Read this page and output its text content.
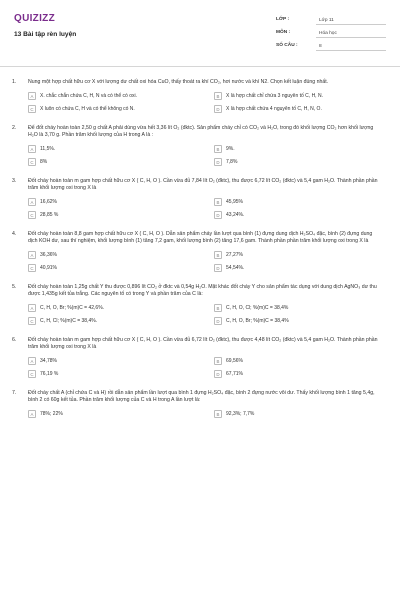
QUIZIZZ
13 Bài tập rèn luyện
LỚP :	Lớp 11
MÔN :	Hóa học
SỐ CÂU :	8
1.	Nung một hợp chất hữu cơ X với lượng dư chất oxi hóa CuO, thấy thoát ra khí CO₂, hơi nước và khí N2. Chọn kết luận đúng nhất.
A	X. chắc chắn chứa C, H, N và có thể có oxi.	B	X là hợp chất chỉ chứa 3 nguyên tố C, H, N.
C	X luôn có chứa C, H và có thể không có N.	D	X là hợp chất chứa 4 nguyên tố C, H, N, O.
2.	Để đốt cháy hoàn toàn 2,50 g chất A phải dùng vừa hết 3,36 lít O₂ (đktc). Sản phẩm cháy chỉ có CO₂ và H₂O, trong đó khối lượng CO₂ hơn khối lượng H₂O là 3,70 g. Phần trăm khối lượng của H trong A là :
A	11,5%.	B	9%.
C	8%	D	7,8%
3.	Đốt cháy hoàn toàn m gam hợp chất hữu cơ X ( C, H, O ). Cần vừa đủ 7,84 lít O₂ (đktc), thu được 6,72 lít CO₂ (đktc) và 5,4 gam H₂O. Thành phần phần trăm khối lượng oxi trong X là
A	16,62%	B	45,95%
C	28,85 %	D	43,24%.
4.	Đốt cháy hoàn toàn 8,8 gam hợp chất hữu cơ X ( C, H, O ). Dẫn sản phẩm cháy lần lượt qua bình (1) đựng dung dịch H₂SO₄ đặc, bình (2) đựng dung dịch KOH dư, sau thí nghiệm, khối lượng bình (1) tăng 7,2 gam, khối lượng bình (2) tăng 17,6 gam. Thành phần phần trăm khối lượng oxi trong X là
A	36,36%	B	27,27%
C	40,91%	D	54,54%.
5.	Đốt cháy hoàn toàn 1,25g chất Y thu được 0,896 lít CO₂ ở đktc và 0,54g H₂O. Mặt khác đốt cháy Y cho sản phẩm tác dụng với dung dịch AgNO₃ dư thu được 1,435g kết tủa trắng. Các nguyên tố có trong Y và phần trăm của C là:
A	C, H, O, Br; %(m)C = 42,6%.	B	C, H, O, Cl; %(m)C = 38,4%
C	C, H, Cl; %(m)C = 38,4%.	D	C, H, O, Br; %(m)C = 38,4%
6.	Đốt cháy hoàn toàn m gam hợp chất hữu cơ X ( C, H, O ). Cần vừa đủ 6,72 lít O₂ (đktc), thu được 4,48 lít CO₂ (đktc) và 5,4 gam H₂O. Thành phần phần trăm khối lượng oxi trong X là
A	34,78%	B	69,56%
C	76,19 %	D	67,71%
7.	Đốt cháy chất A (chỉ chứa C và H) rồi dẫn sản phẩm lần lượt qua bình 1 đựng H₂SO₄ đặc, bình 2 đựng nước vôi dư. Thấy khối lượng bình 1 tăng 5,4g, bình 2 có 60g kết tủa. Phần trăm khối lượng của C và H trong A lần lượt là:
A	78%; 22%	B	92,3%; 7,7%
